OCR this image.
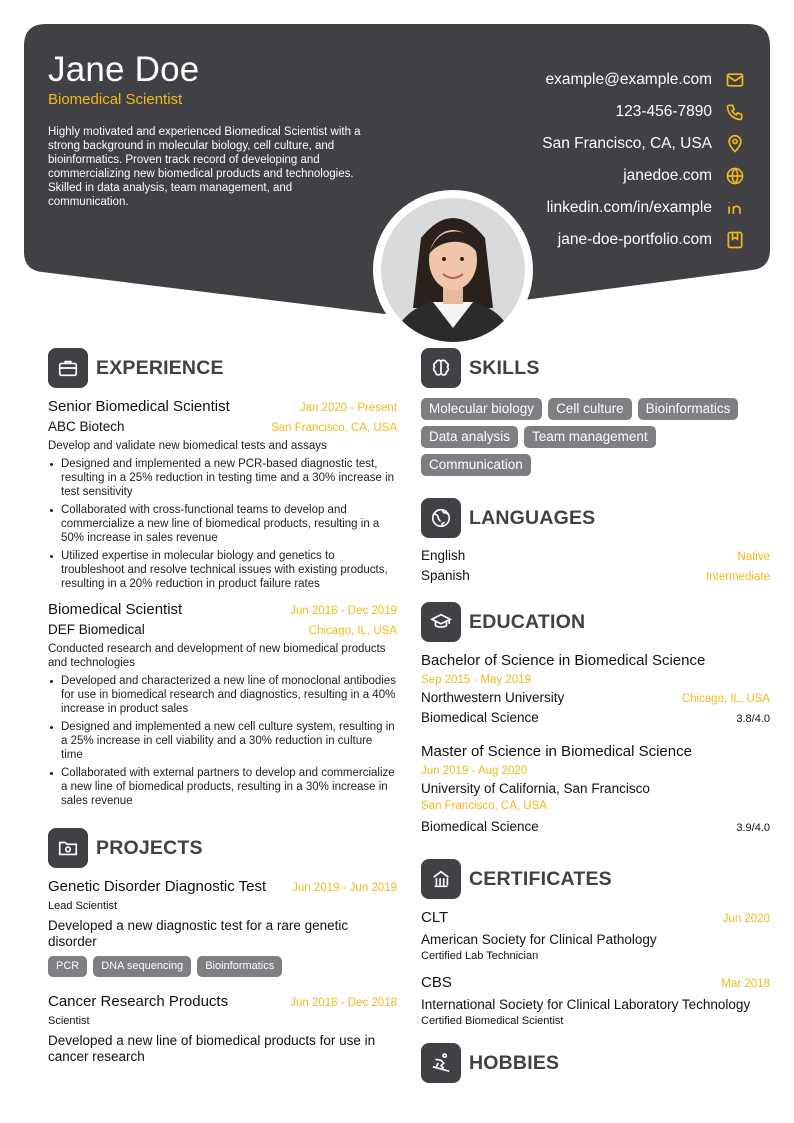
Jane Doe
Biomedical Scientist
Highly motivated and experienced Biomedical Scientist with a strong background in molecular biology, cell culture, and bioinformatics. Proven track record of developing and commercializing new biomedical products and technologies. Skilled in data analysis, team management, and communication.
example@example.com
123-456-7890
San Francisco, CA, USA
janedoe.com
linkedin.com/in/example
jane-doe-portfolio.com
EXPERIENCE
Senior Biomedical Scientist	Jan 2020 - Present
ABC Biotech	San Francisco, CA, USA
Develop and validate new biomedical tests and assays
Designed and implemented a new PCR-based diagnostic test, resulting in a 25% reduction in testing time and a 30% increase in test sensitivity
Collaborated with cross-functional teams to develop and commercialize a new line of biomedical products, resulting in a 50% increase in sales revenue
Utilized expertise in molecular biology and genetics to troubleshoot and resolve technical issues with existing products, resulting in a 20% reduction in product failure rates
Biomedical Scientist	Jun 2018 - Dec 2019
DEF Biomedical	Chicago, IL, USA
Conducted research and development of new biomedical products and technologies
Developed and characterized a new line of monoclonal antibodies for use in biomedical research and diagnostics, resulting in a 40% increase in product sales
Designed and implemented a new cell culture system, resulting in a 25% increase in cell viability and a 30% reduction in culture time
Collaborated with external partners to develop and commercialize a new line of biomedical products, resulting in a 30% increase in sales revenue
PROJECTS
Genetic Disorder Diagnostic Test Jun 2019 - Jun 2019
Lead Scientist
Developed a new diagnostic test for a rare genetic disorder
PCR	DNA sequencing	Bioinformatics
Cancer Research Products	Jun 2018 - Dec 2018
Scientist
Developed a new line of biomedical products for use in cancer research
SKILLS
Molecular biology	Cell culture	Bioinformatics
Data analysis	Team management
Communication
LANGUAGES
English	Native
Spanish	Intermediate
EDUCATION
Bachelor of Science in Biomedical Science
Sep 2015 - May 2019
Northwestern University	Chicago, IL, USA
Biomedical Science	3.8/4.0
Master of Science in Biomedical Science
Jun 2019 - Aug 2020
University of California, San Francisco
San Francisco, CA, USA
Biomedical Science	3.9/4.0
CERTIFICATES
CLT	Jun 2020
American Society for Clinical Pathology
Certified Lab Technician
CBS	Mar 2018
International Society for Clinical Laboratory Technology
Certified Biomedical Scientist
HOBBIES
